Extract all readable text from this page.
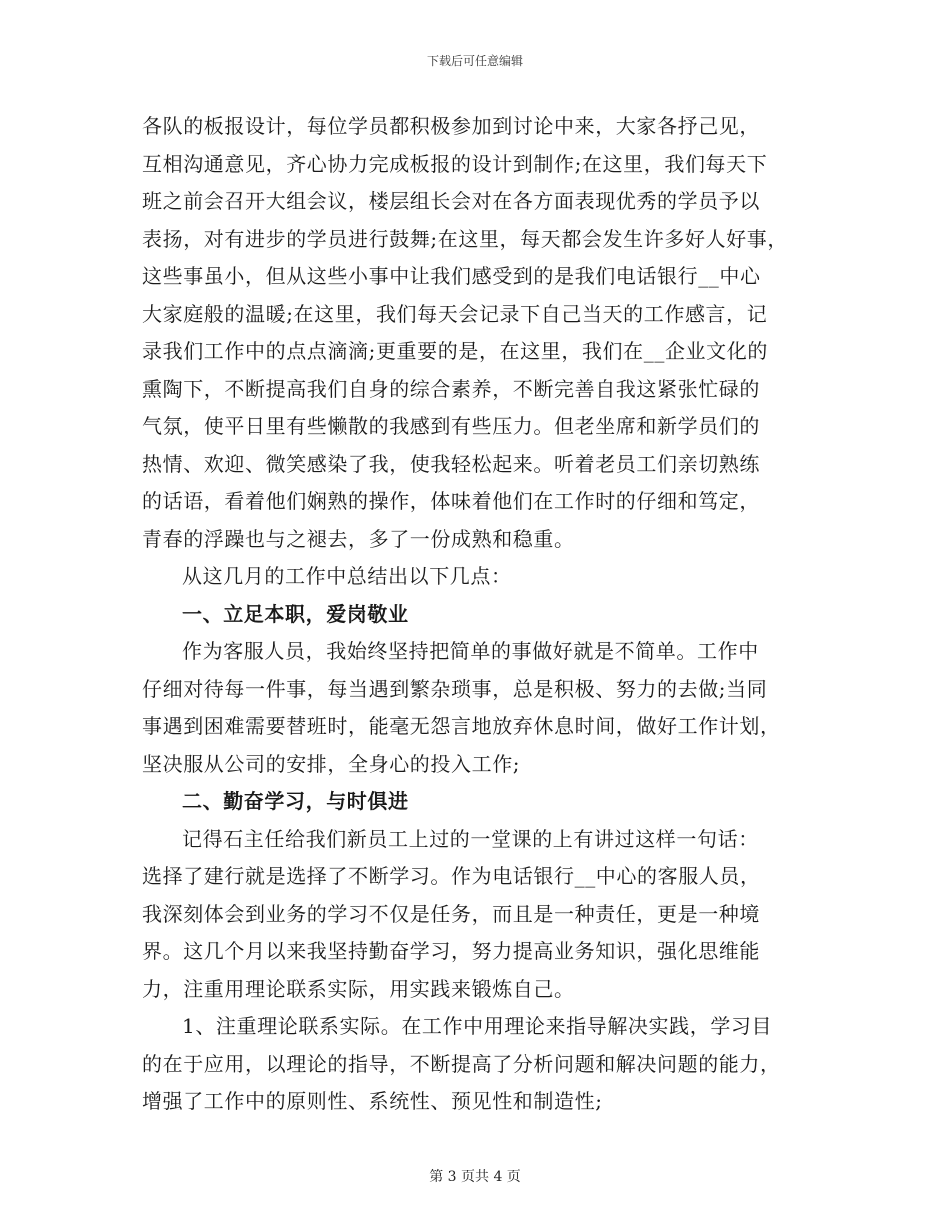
下载后可任意编辑
各队的板报设计，每位学员都积极参加到讨论中来，大家各抒己见，
互相沟通意见，齐心协力完成板报的设计到制作;在这里，我们每天下
班之前会召开大组会议，楼层组长会对在各方面表现优秀的学员予以
表扬，对有进步的学员进行鼓舞;在这里，每天都会发生许多好人好事，
这些事虽小，但从这些小事中让我们感受到的是我们电话银行__中心
大家庭般的温暖;在这里，我们每天会记录下自己当天的工作感言，记
录我们工作中的点点滴滴;更重要的是，在这里，我们在__企业文化的
熏陶下，不断提高我们自身的综合素养，不断完善自我这紧张忙碌的
气氛，使平日里有些懒散的我感到有些压力。但老坐席和新学员们的
热情、欢迎、微笑感染了我，使我轻松起来。听着老员工们亲切熟练
的话语，看着他们娴熟的操作，体味着他们在工作时的仔细和笃定，
青春的浮躁也与之褪去，多了一份成熟和稳重。
从这几月的工作中总结出以下几点：
一、立足本职，爱岗敬业
作为客服人员，我始终坚持把简单的事做好就是不简单。工作中
仔细对待每一件事，每当遇到繁杂琐事，总是积极、努力的去做;当同
事遇到困难需要替班时，能毫无怨言地放弃休息时间，做好工作计划，
坚决服从公司的安排，全身心的投入工作;
二、勤奋学习，与时俱进
记得石主任给我们新员工上过的一堂课的上有讲过这样一句话：
选择了建行就是选择了不断学习。作为电话银行__中心的客服人员，
我深刻体会到业务的学习不仅是任务，而且是一种责任，更是一种境
界。这几个月以来我坚持勤奋学习，努力提高业务知识，强化思维能
力，注重用理论联系实际，用实践来锻炼自己。
1、注重理论联系实际。在工作中用理论来指导解决实践，学习目
的在于应用，以理论的指导，不断提高了分析问题和解决问题的能力，
增强了工作中的原则性、系统性、预见性和制造性;
第 3 页共 4 页
